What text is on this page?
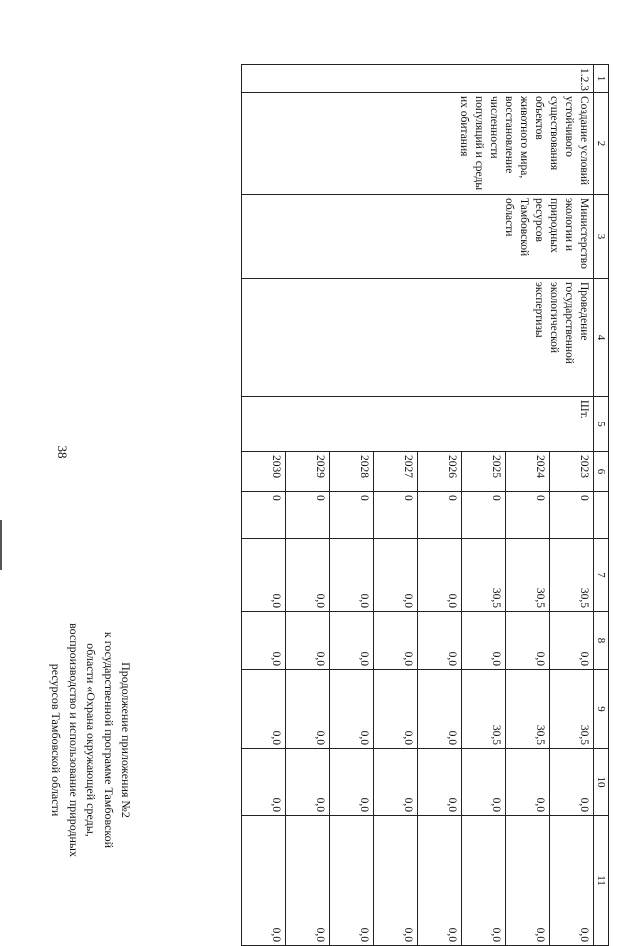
38
Продолжение приложения №2
к государственной программе Тамбовской
области «Охрана окружающей среды,
воспроизводство и использование природных
ресурсов Тамбовской области
1	2	3	4	5	6		7	8	9	10	11
1.2.3.	Создание условий устойчивого существования объектов животного мира, восстановление численности популяций и среды их обитания	Министерство экологии и природных ресурсов Тамбовской области	Проведение государственной экологической экспертизы	Шт.	2023	0	30,5	0,0	30,5	0,0	0,0
					2024	0	30,5	0,0	30,5	0,0	0,0
					2025	0	30,5	0,0	30,5	0,0	0,0
					2026	0	0,0	0,0	0,0	0,0	0,0
					2027	0	0,0	0,0	0,0	0,0	0,0
					2028	0	0,0	0,0	0,0	0,0	0,0
					2029	0	0,0	0,0	0,0	0,0	0,0
					2030	0	0,0	0,0	0,0	0,0	0,0
